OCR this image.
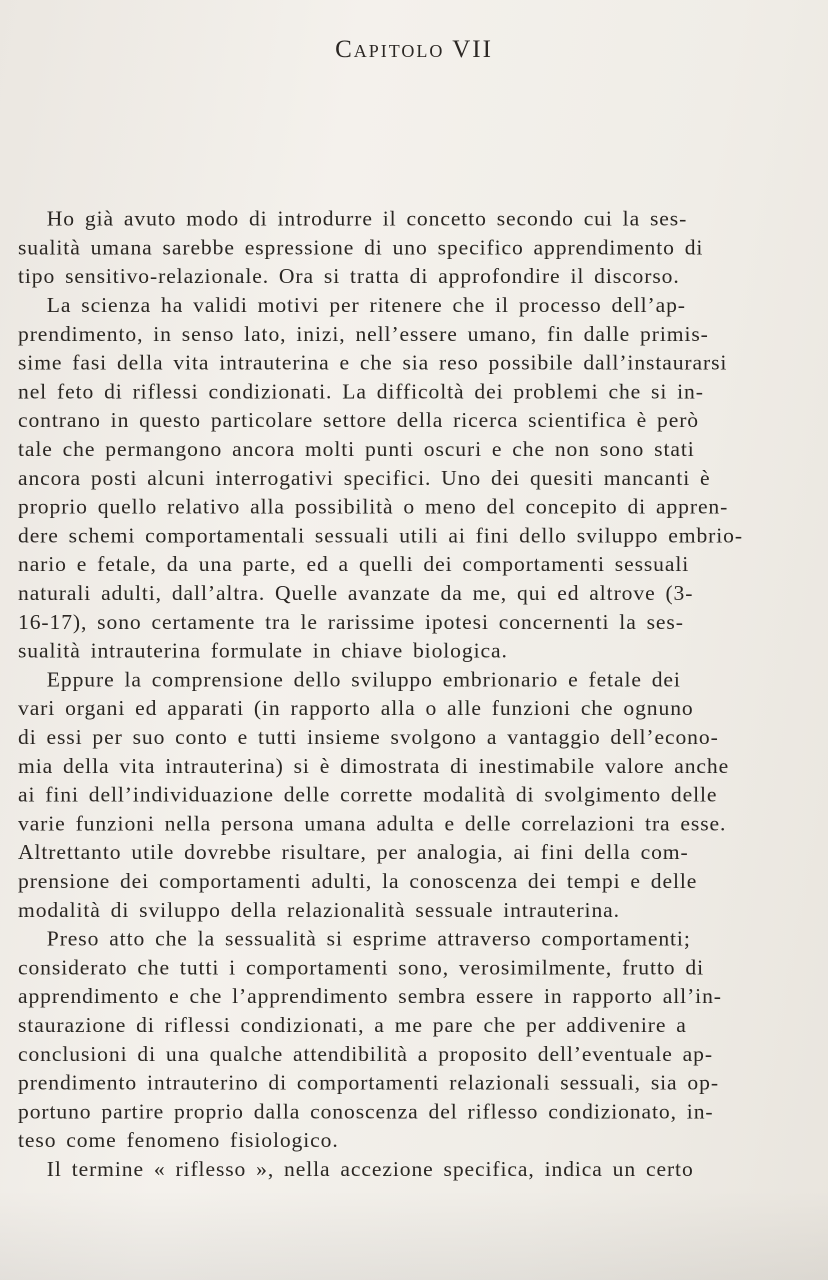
Capitolo VII
Ho già avuto modo di introdurre il concetto secondo cui la ses-
sualità umana sarebbe espressione di uno specifico apprendimento di
tipo sensitivo-relazionale. Ora si tratta di approfondire il discorso.
La scienza ha validi motivi per ritenere che il processo dell’ap-
prendimento, in senso lato, inizi, nell’essere umano, fin dalle primis-
sime fasi della vita intrauterina e che sia reso possibile dall’instaurarsi
nel feto di riflessi condizionati. La difficoltà dei problemi che si in-
contrano in questo particolare settore della ricerca scientifica è però
tale che permangono ancora molti punti oscuri e che non sono stati
ancora posti alcuni interrogativi specifici. Uno dei quesiti mancanti è
proprio quello relativo alla possibilità o meno del concepito di appren-
dere schemi comportamentali sessuali utili ai fini dello sviluppo embrio-
nario e fetale, da una parte, ed a quelli dei comportamenti sessuali
naturali adulti, dall’altra. Quelle avanzate da me, qui ed altrove (3-
16-17), sono certamente tra le rarissime ipotesi concernenti la ses-
sualità intrauterina formulate in chiave biologica.
Eppure la comprensione dello sviluppo embrionario e fetale dei
vari organi ed apparati (in rapporto alla o alle funzioni che ognuno
di essi per suo conto e tutti insieme svolgono a vantaggio dell’econo-
mia della vita intrauterina) si è dimostrata di inestimabile valore anche
ai fini dell’individuazione delle corrette modalità di svolgimento delle
varie funzioni nella persona umana adulta e delle correlazioni tra esse.
Altrettanto utile dovrebbe risultare, per analogia, ai fini della com-
prensione dei comportamenti adulti, la conoscenza dei tempi e delle
modalità di sviluppo della relazionalità sessuale intrauterina.
Preso atto che la sessualità si esprime attraverso comportamenti;
considerato che tutti i comportamenti sono, verosimilmente, frutto di
apprendimento e che l’apprendimento sembra essere in rapporto all’in-
staurazione di riflessi condizionati, a me pare che per addivenire a
conclusioni di una qualche attendibilità a proposito dell’eventuale ap-
prendimento intrauterino di comportamenti relazionali sessuali, sia op-
portuno partire proprio dalla conoscenza del riflesso condizionato, in-
teso come fenomeno fisiologico.
Il termine « riflesso », nella accezione specifica, indica un certo
